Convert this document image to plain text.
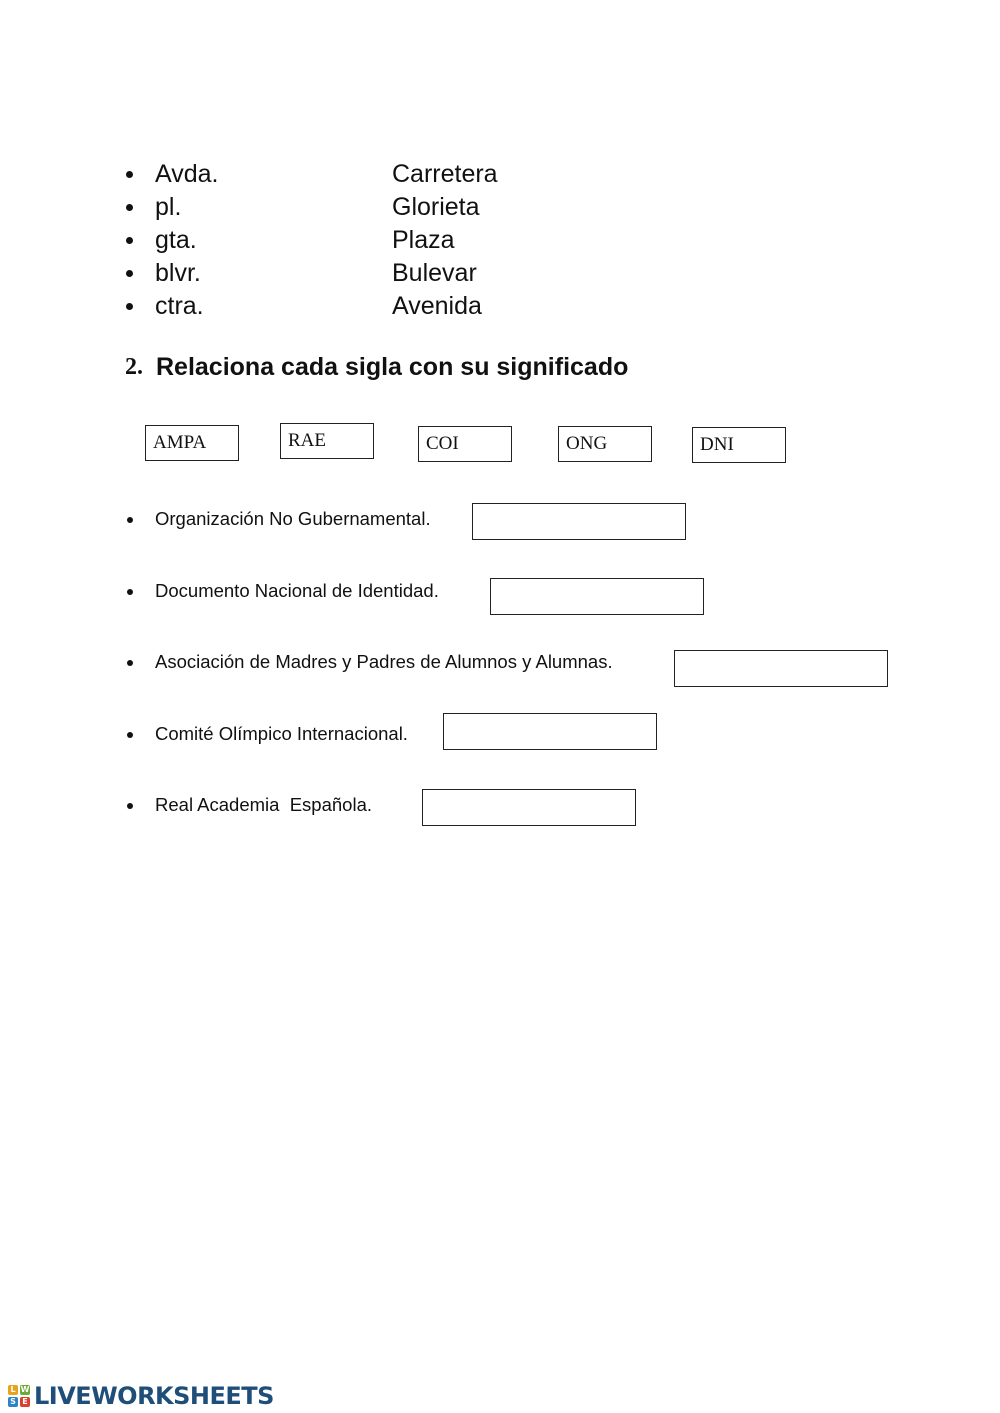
Avda.	Carretera
pl.	Glorieta
gta.	Plaza
blvr.	Bulevar
ctra.	Avenida
2. Relaciona cada sigla con su significado
AMPA	RAE	COI	ONG	DNI
Organización No Gubernamental.
Documento Nacional de Identidad.
Asociación de Madres y Padres de Alumnos y Alumnas.
Comité Olímpico Internacional.
Real Academia  Española.
L W
S E LIVEWORKSHEETS
